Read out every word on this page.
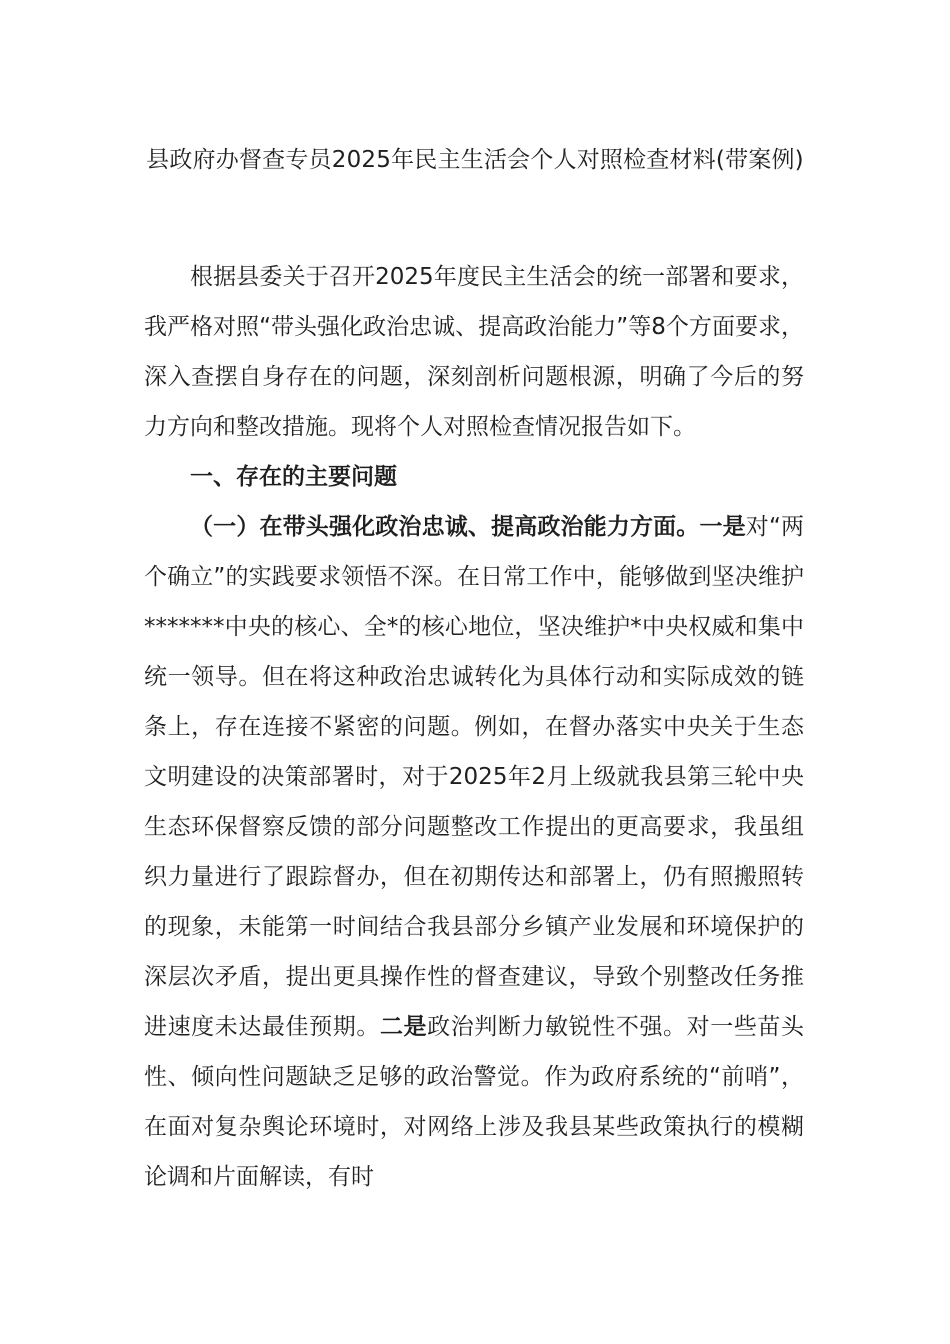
县政府办督查专员2025年民主生活会个人对照检查材料(带案例)

根据县委关于召开2025年度民主生活会的统一部署和要求，我严格对照“带头强化政治忠诚、提高政治能力”等8个方面要求，深入查摆自身存在的问题，深刻剖析问题根源，明确了今后的努力方向和整改措施。现将个人对照检查情况报告如下。

一、存在的主要问题

（一）在带头强化政治忠诚、提高政治能力方面。一是对“两个确立”的实践要求领悟不深。在日常工作中，能够做到坚决维护*******中央的核心、全*的核心地位，坚决维护*中央权威和集中统一领导。但在将这种政治忠诚转化为具体行动和实际成效的链条上，存在连接不紧密的问题。例如，在督办落实中央关于生态文明建设的决策部署时，对于2025年2月上级就我县第三轮中央生态环保督察反馈的部分问题整改工作提出的更高要求，我虽组织力量进行了跟踪督办，但在初期传达和部署上，仍有照搬照转的现象，未能第一时间结合我县部分乡镇产业发展和环境保护的深层次矛盾，提出更具操作性的督查建议，导致个别整改任务推进速度未达最佳预期。二是政治判断力敏锐性不强。对一些苗头性、倾向性问题缺乏足够的政治警觉。作为政府系统的“前哨”，在面对复杂舆论环境时，对网络上涉及我县某些政策执行的模糊论调和片面解读，有时
